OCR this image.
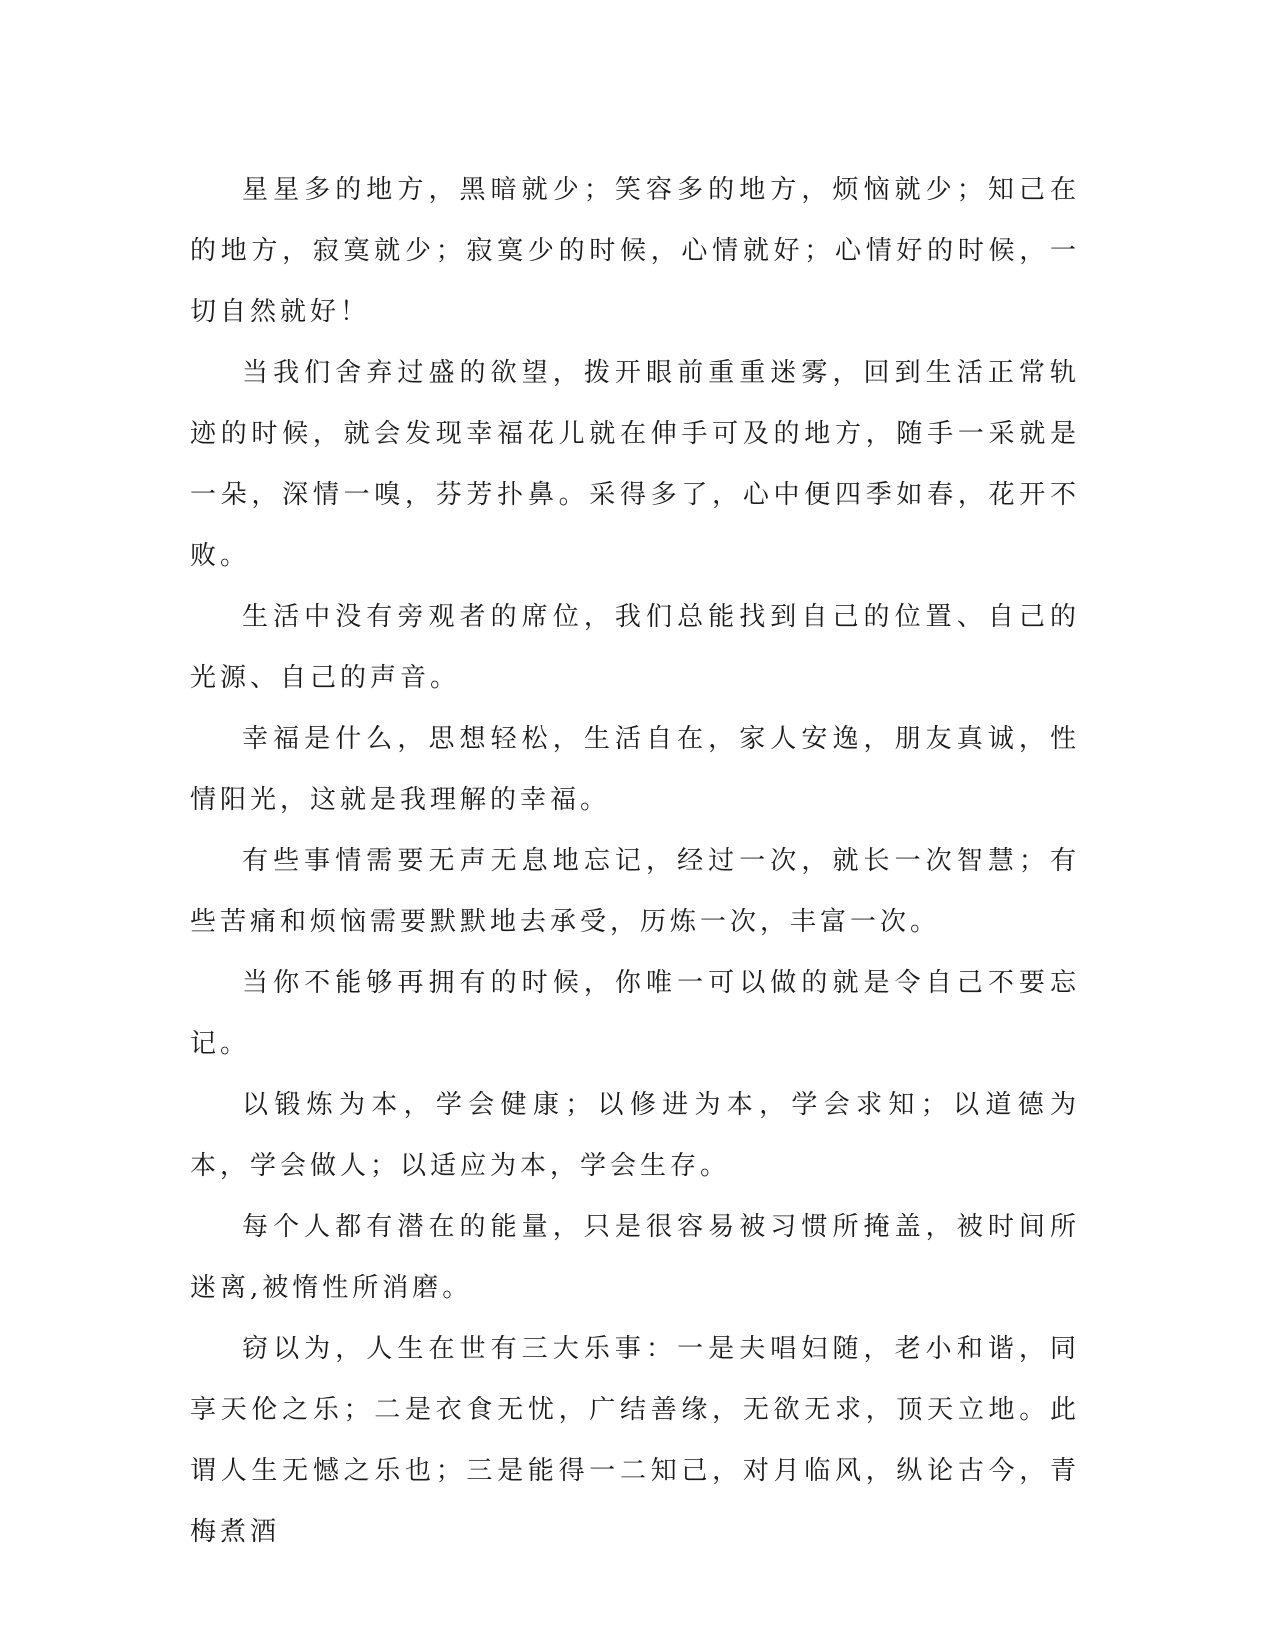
星星多的地方，黑暗就少；笑容多的地方，烦恼就少；知己在的地方，寂寞就少；寂寞少的时候，心情就好；心情好的时候，一切自然就好！

当我们舍弃过盛的欲望，拨开眼前重重迷雾，回到生活正常轨迹的时候，就会发现幸福花儿就在伸手可及的地方，随手一采就是一朵，深情一嗅，芬芳扑鼻。采得多了，心中便四季如春，花开不败。

生活中没有旁观者的席位，我们总能找到自己的位置、自己的光源、自己的声音。

幸福是什么，思想轻松，生活自在，家人安逸，朋友真诚，性情阳光，这就是我理解的幸福。

有些事情需要无声无息地忘记，经过一次，就长一次智慧；有些苦痛和烦恼需要默默地去承受，历炼一次，丰富一次。

当你不能够再拥有的时候，你唯一可以做的就是令自己不要忘记。

以锻炼为本，学会健康；以修进为本，学会求知；以道德为本，学会做人；以适应为本，学会生存。

每个人都有潜在的能量，只是很容易被习惯所掩盖，被时间所迷离,被惰性所消磨。

窃以为，人生在世有三大乐事：一是夫唱妇随，老小和谐，同享天伦之乐；二是衣食无忧，广结善缘，无欲无求，顶天立地。此谓人生无憾之乐也；三是能得一二知己，对月临风，纵论古今，青梅煮酒
